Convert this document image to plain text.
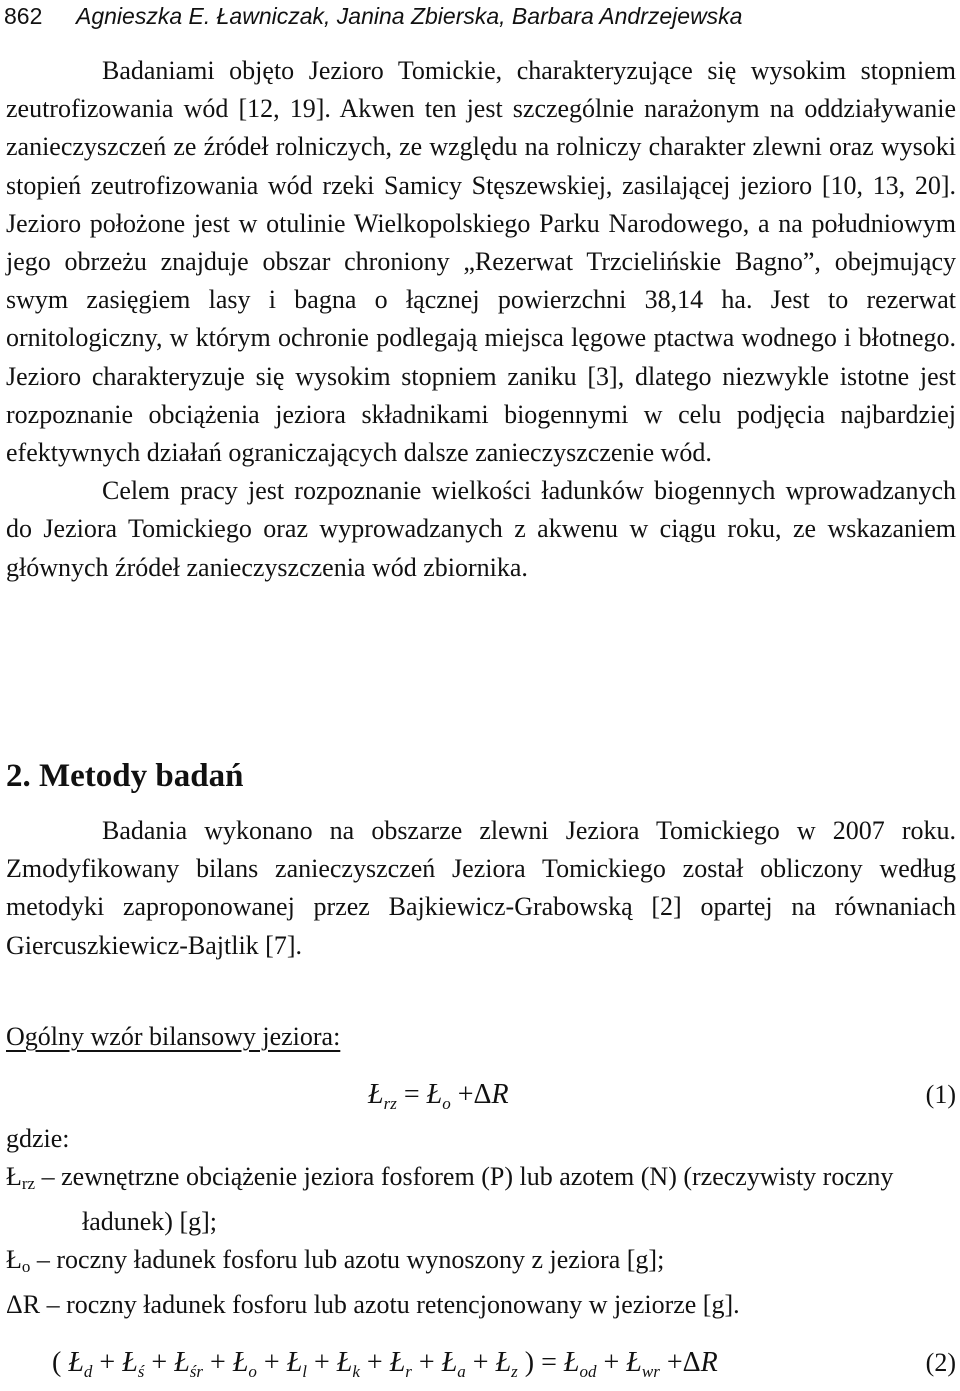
862 Agnieszka E. Ławniczak, Janina Zbierska, Barbara Andrzejewska

Badaniami objęto Jezioro Tomickie, charakteryzujące się wysokim stopniem zeutrofizowania wód [12, 19]. Akwen ten jest szczególnie narażonym na oddziaływanie zanieczyszczeń ze źródeł rolniczych, ze względu na rolniczy charakter zlewni oraz wysoki stopień zeutrofizowania wód rzeki Samicy Stęszewskiej, zasilającej jezioro [10, 13, 20]. Jezioro położone jest w otulinie Wielkopolskiego Parku Narodowego, a na południowym jego obrzeżu znajduje obszar chroniony „Rezerwat Trzcielińskie Bagno”, obejmujący swym zasięgiem lasy i bagna o łącznej powierzchni 38,14 ha. Jest to rezerwat ornitologiczny, w którym ochronie podlegają miejsca lęgowe ptactwa wodnego i błotnego. Jezioro charakteryzuje się wysokim stopniem zaniku [3], dlatego niezwykle istotne jest rozpoznanie obciążenia jeziora składnikami biogennymi w celu podjęcia najbardziej efektywnych działań ograniczających dalsze zanieczyszczenie wód.

Celem pracy jest rozpoznanie wielkości ładunków biogennych wprowadzanych do Jeziora Tomickiego oraz wyprowadzanych z akwenu w ciągu roku, ze wskazaniem głównych źródeł zanieczyszczenia wód zbiornika.

2. Metody badań

Badania wykonano na obszarze zlewni Jeziora Tomickiego w 2007 roku. Zmodyfikowany bilans zanieczyszczeń Jeziora Tomickiego został obliczony według metodyki zaproponowanej przez Bajkiewicz-Grabowską [2] opartej na równaniach Giercuszkiewicz-Bajtlik [7].

Ogólny wzór bilansowy jeziora:
$Ł_{rz}$ = $Ł_o +\Delta R$	(1)
gdzie:
$Ł_{rz}$ – zewnętrzne obciążenie jeziora fosforem (P) lub azotem (N) (rzeczywisty roczny ładunek) [g];
$Ł_o$ – roczny ładunek fosforu lub azotu wynoszony z jeziora [g];
ΔR – roczny ładunek fosforu lub azotu retencjonowany w jeziorze [g].
( $Ł_d$ + $Ł_ś$ + $Ł_{śr}$ + $Ł_o$ + $Ł_l$ + $Ł_k$ + $Ł_r$ + $Ł_a$ + $Ł_z$ ) = $Ł_{od}$ + $Ł_{wr} +\Delta R$	(2)
